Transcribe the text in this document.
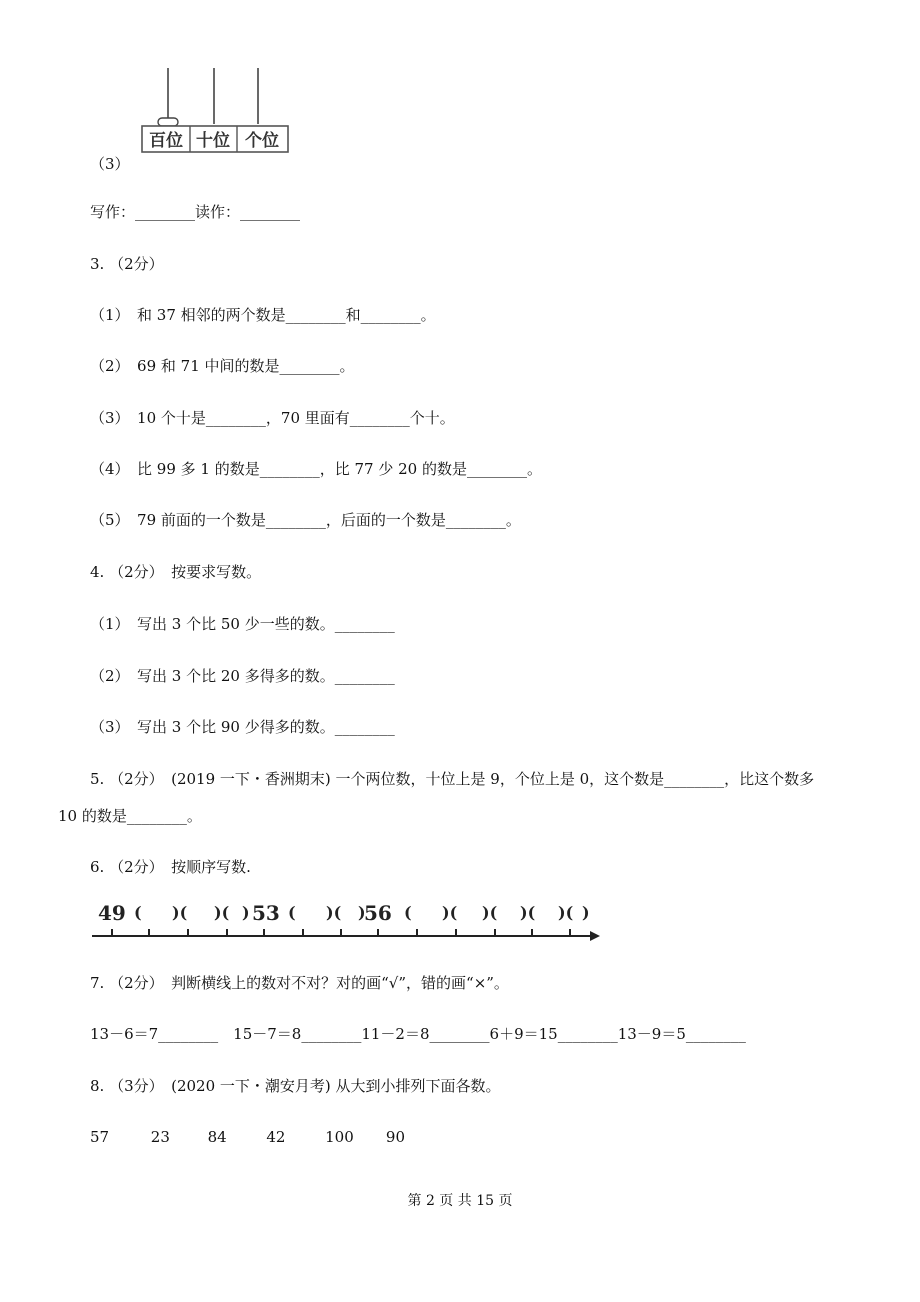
百位 十位 个位
（3）
写作：________读作：________
3. （2分）
（1）　和 37 相邻的两个数是________和________。
（2）　69 和 71 中间的数是________。
（3）　10 个十是________，70 里面有________个十。
（4）　比 99 多 1 的数是________，比 77 少 20 的数是________。
（5）　79 前面的一个数是________，后面的一个数是________。
4. （2分）　按要求写数。
（1）　写出 3 个比 50 少一些的数。________
（2）　写出 3 个比 20 多得多的数。________
（3）　写出 3 个比 90 少得多的数。________
5. （2分）　(2019 一下・香洲期末) 一个两位数，十位上是 9，个位上是 0，这个数是________，比这个数多
10 的数是________。
6. （2分）　按顺序写数.
49 ( )( )( ) 53 ( )( )
56 ( )( )( )( )( )
7. （2分）　判断横线上的数对不对？对的画“√”，错的画“×”。
13－6＝7________　15－7＝8________11－2＝8________6＋9＝15________13－9＝5________
8. （3分）　(2020 一下・潮安月考) 从大到小排列下面各数。
57	23	84	42	100 90
第 2 页 共 15 页
